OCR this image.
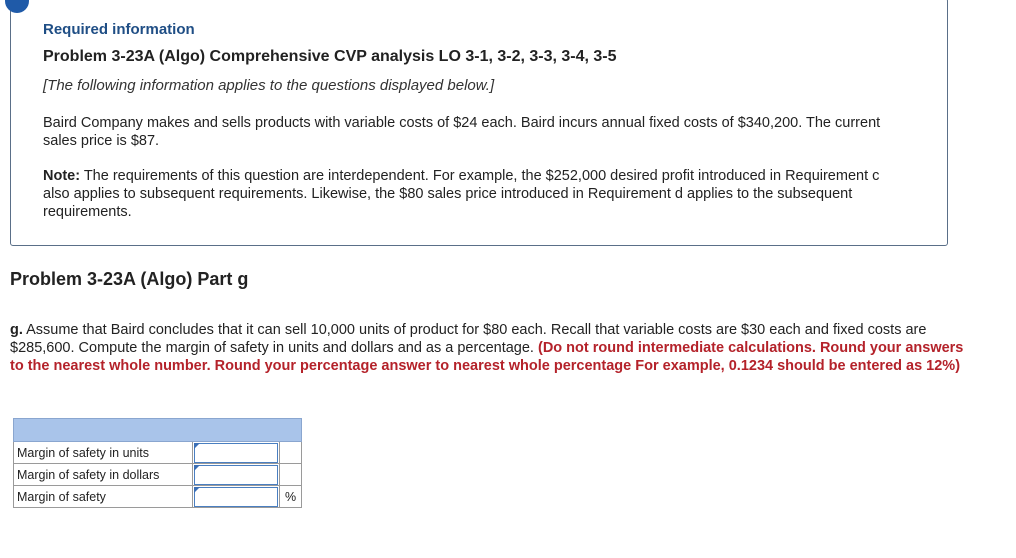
Required information
Problem 3-23A (Algo) Comprehensive CVP analysis LO 3-1, 3-2, 3-3, 3-4, 3-5
[The following information applies to the questions displayed below.]
Baird Company makes and sells products with variable costs of $24 each. Baird incurs annual fixed costs of $340,200. The current sales price is $87.
Note: The requirements of this question are interdependent. For example, the $252,000 desired profit introduced in Requirement c also applies to subsequent requirements. Likewise, the $80 sales price introduced in Requirement d applies to the subsequent requirements.
Problem 3-23A (Algo) Part g
g. Assume that Baird concludes that it can sell 10,000 units of product for $80 each. Recall that variable costs are $30 each and fixed costs are $285,600. Compute the margin of safety in units and dollars and as a percentage. (Do not round intermediate calculations. Round your answers to the nearest whole number. Round your percentage answer to nearest whole percentage For example, 0.1234 should be entered as 12%)

Margin of safety in units	

Margin of safety in dollars	

Margin of safety		%
